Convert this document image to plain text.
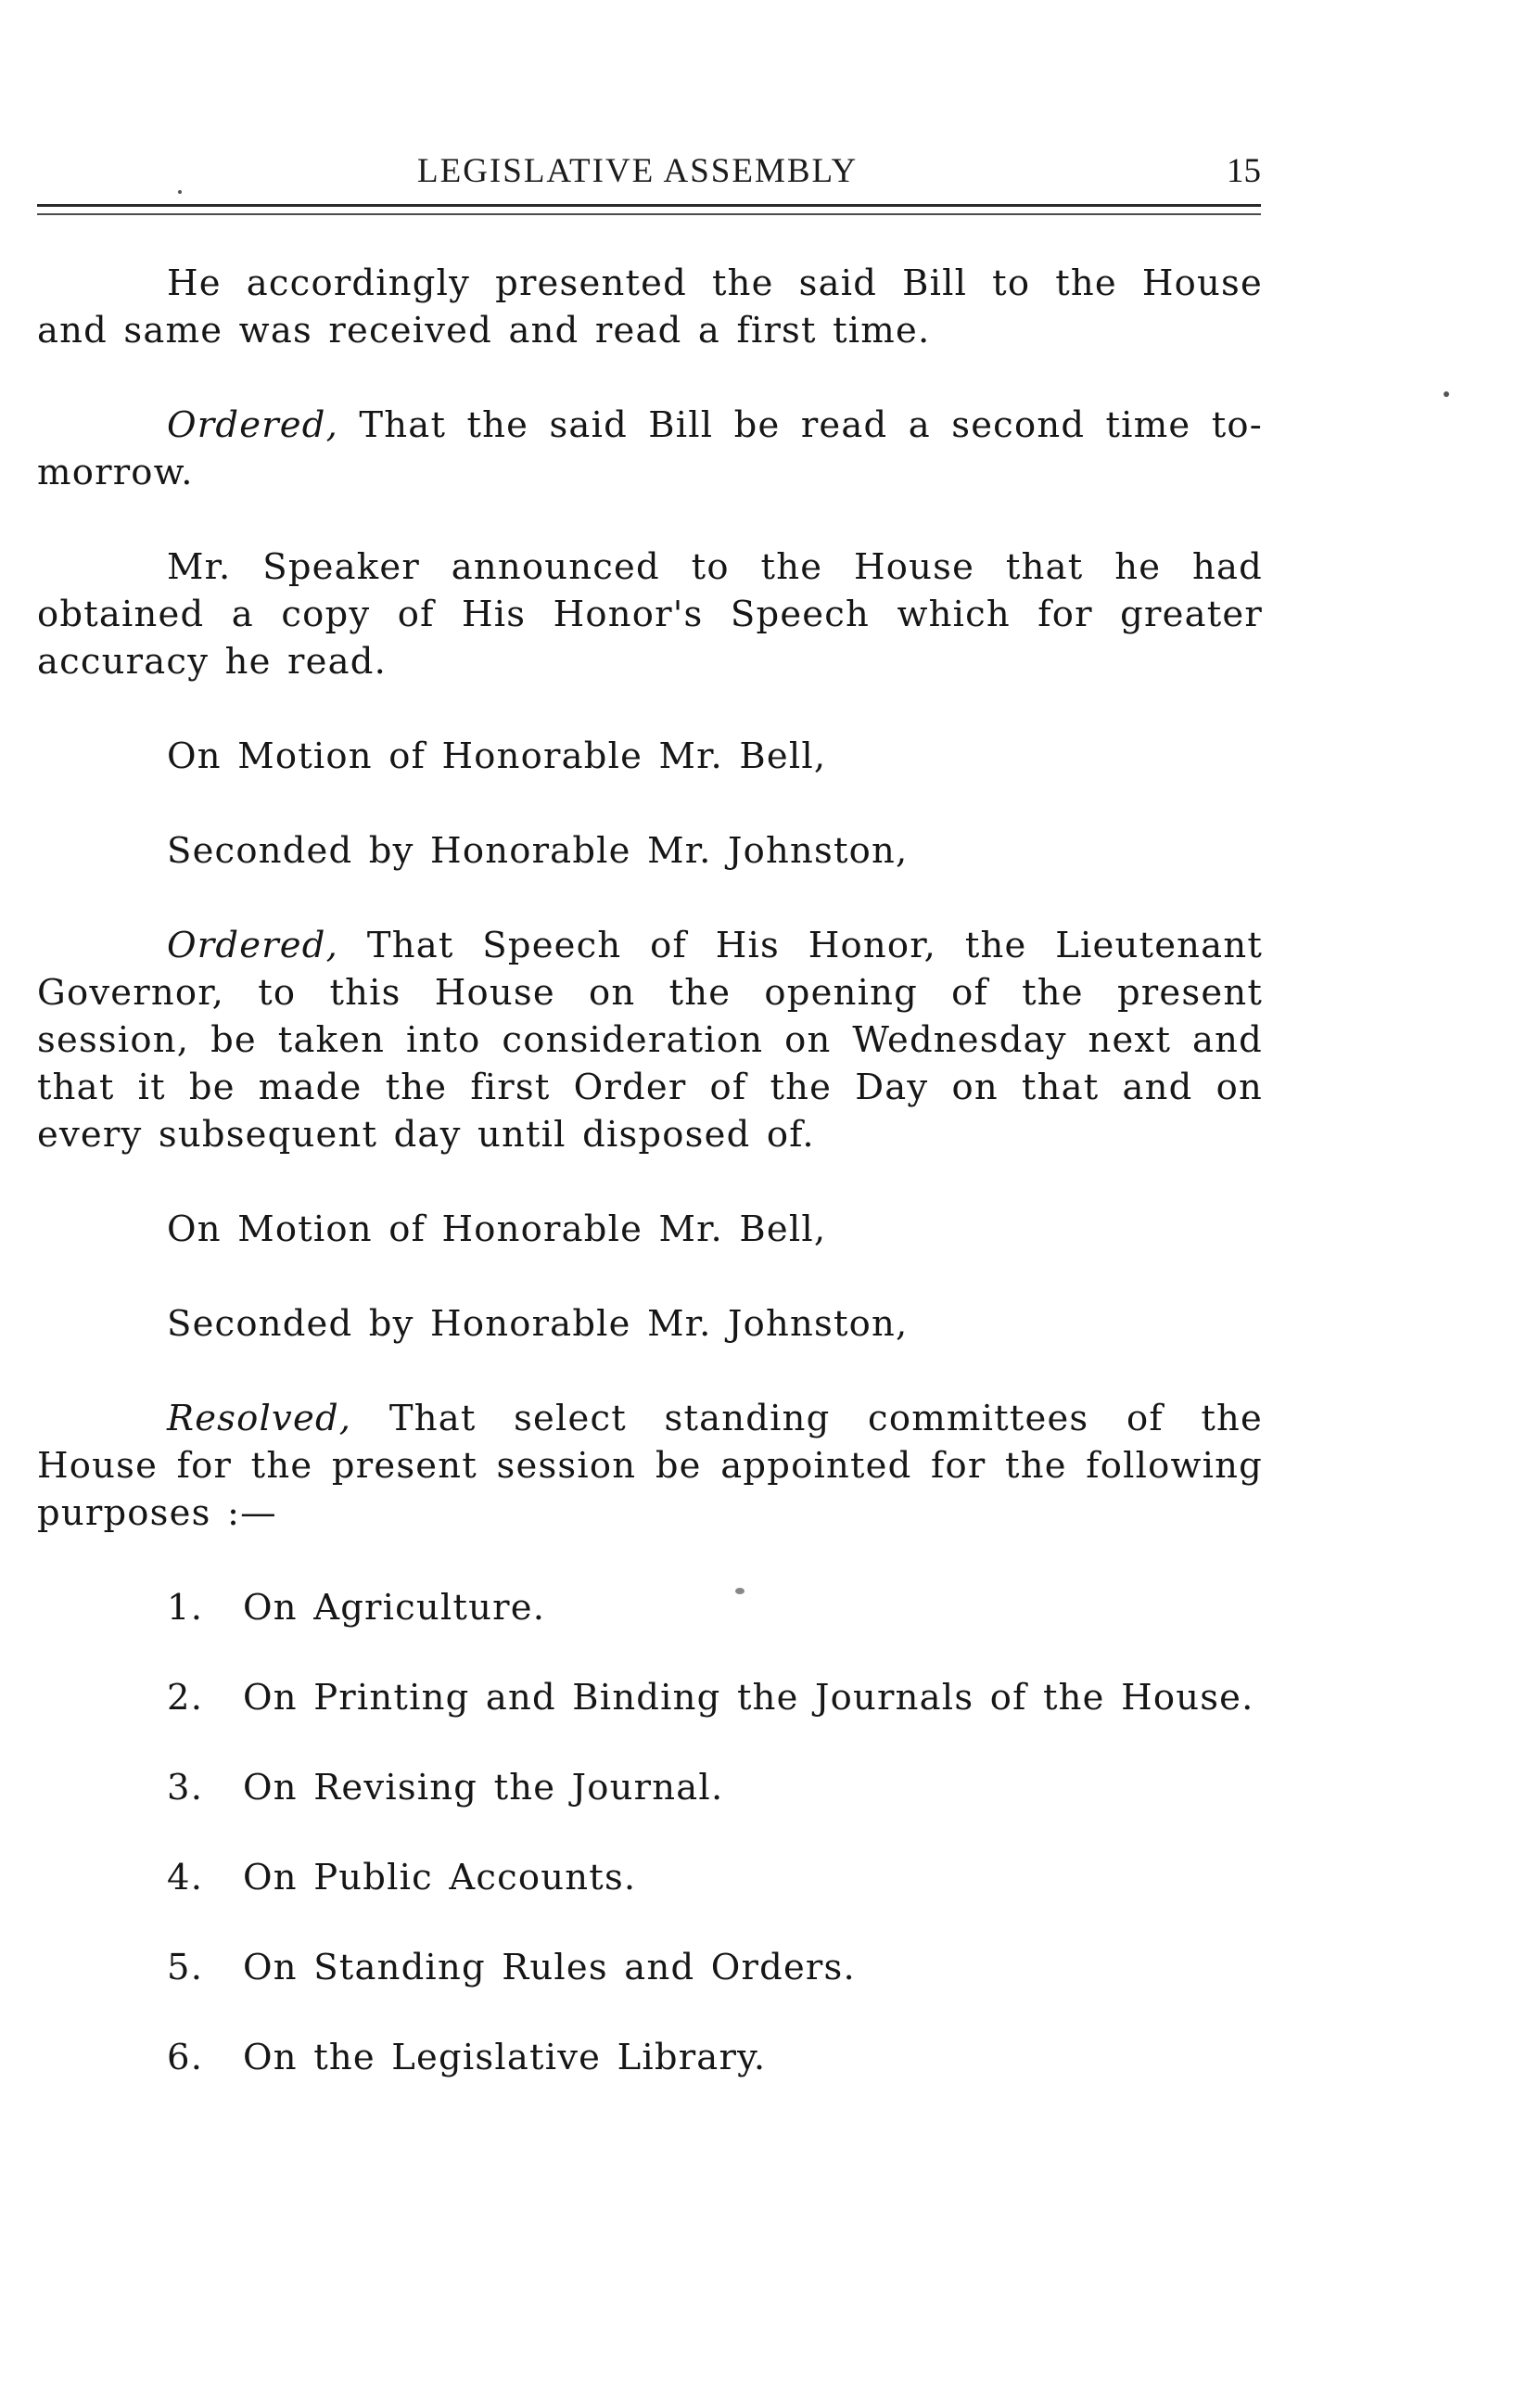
LEGISLATIVE ASSEMBLY	15

He accordingly presented the said Bill to the House and same was received and read a first time.

Ordered, That the said Bill be read a second time to-morrow.

Mr. Speaker announced to the House that he had obtained a copy of His Honor's Speech which for greater accuracy he read.

On Motion of Honorable Mr. Bell,

Seconded by Honorable Mr. Johnston,

Ordered, That Speech of His Honor, the Lieutenant Governor, to this House on the opening of the present session, be taken into consideration on Wednesday next and that it be made the first Order of the Day on that and on every subsequent day until disposed of.

On Motion of Honorable Mr. Bell,

Seconded by Honorable Mr. Johnston,

Resolved, That select standing committees of the House for the present session be appointed for the following purposes :—

1.	On Agriculture.
2.	On Printing and Binding the Journals of the House.
3.	On Revising the Journal.
4.	On Public Accounts.
5.	On Standing Rules and Orders.
6.	On the Legislative Library.
